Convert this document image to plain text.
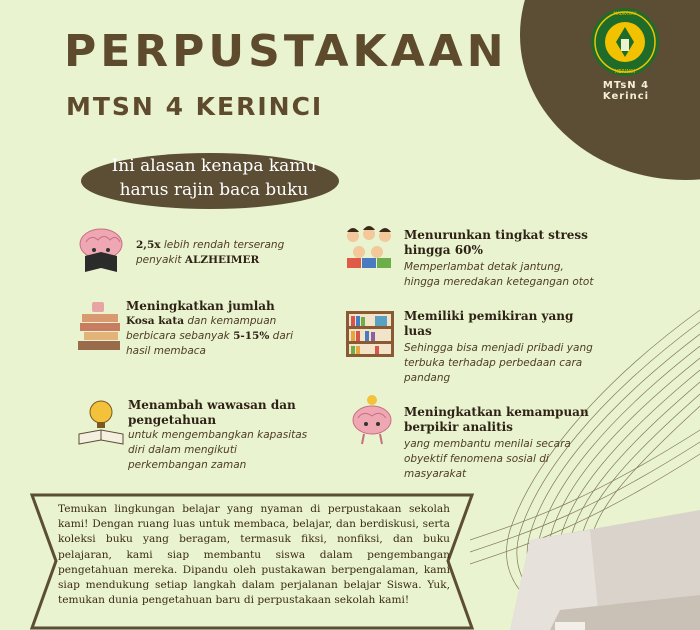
MADRASAH
KERINCI
MTsN 4 Kerinci
PERPUSTAKAAN
MTSN 4 KERINCI
Ini alasan kenapa kamu
harus rajin baca buku
2,5x lebih rendah terserang penyakit ALZHEIMER
Menurunkan tingkat stress hingga 60%
Memperlambat detak jantung, hingga meredakan ketegangan otot
Meningkatkan jumlah
Kosa kata dan kemampuan berbicara sebanyak 5-15% dari hasil membaca
Memiliki pemikiran yang luas
Sehingga bisa menjadi pribadi yang terbuka terhadap perbedaan cara pandang
Menambah wawasan dan pengetahuan
untuk mengembangkan kapasitas diri dalam mengikuti perkembangan zaman
Meningkatkan kemampuan berpikir analitis
yang membantu menilai secara obyektif fenomena sosial di masyarakat
Temukan lingkungan belajar yang nyaman di perpustakaan sekolah kami! Dengan ruang luas untuk membaca, belajar, dan berdiskusi, serta koleksi buku yang beragam, termasuk fiksi, nonfiksi, dan buku pelajaran, kami siap membantu siswa dalam pengembangan pengetahuan mereka. Dipandu oleh pustakawan berpengalaman, kami siap mendukung setiap langkah dalam perjalanan belajar Siswa. Yuk, temukan dunia pengetahuan baru di perpustakaan sekolah kami!
